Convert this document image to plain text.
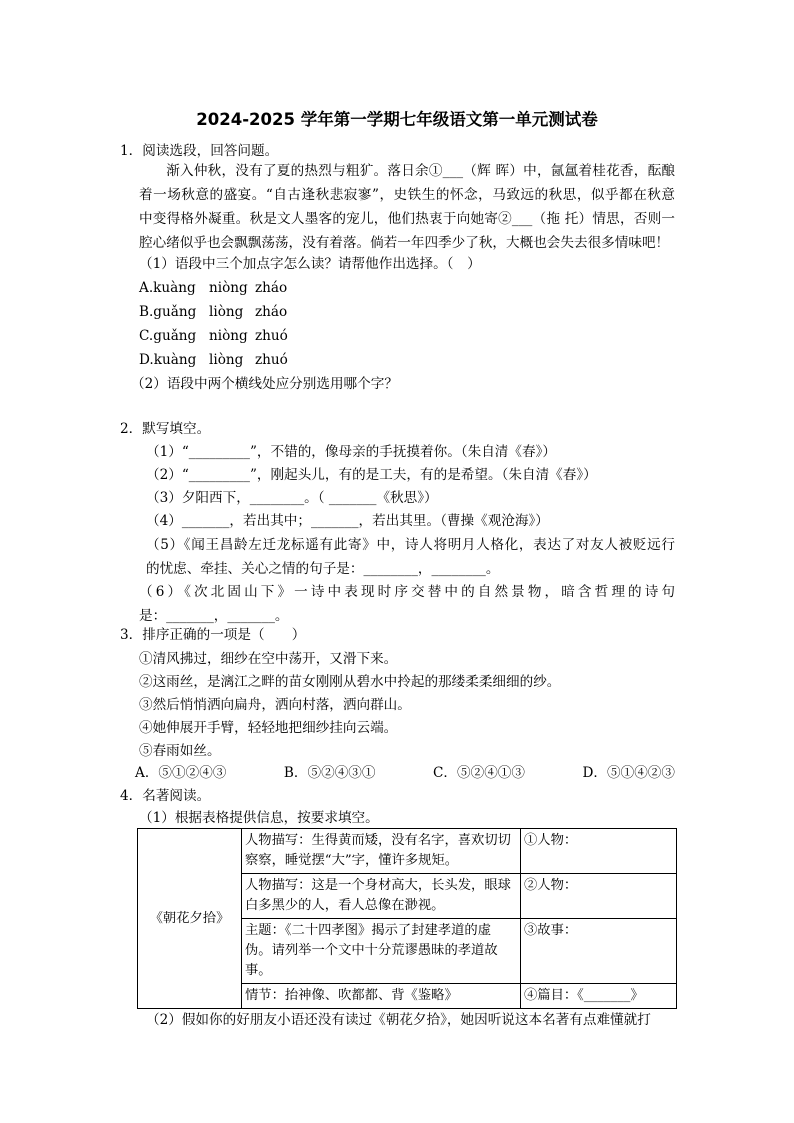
2024-2025 学年第一学期七年级语文第一单元测试卷
1．阅读选段，回答问题。
渐入仲秋，没有了夏的热烈与粗犷。落日余①___（辉 晖）中，氤氲着桂花香，酝酿
着一场秋意的盛宴。“自古逢秋悲寂寥”，史铁生的怀念，马致远的秋思，似乎都在秋意
中变得格外凝重。秋是文人墨客的宠儿，他们热衷于向她寄②___（拖 托）情思，否则一
腔心绪似乎也会飘飘荡荡，没有着落。倘若一年四季少了秋，大概也会失去很多情味吧！
（1）语段中三个加点字怎么读？请帮他作出选择。（　）
A.kuàng niòng zháo
B.guǎng liòng zháo
C.guǎng niòng zhuó
D.kuàng liòng zhuó
（2）语段中两个横线处应分别选用哪个字？
2．默写填空。
（1）“_________”，不错的，像母亲的手抚摸着你。（朱自清《春》）
（2）“_________”，刚起头儿，有的是工夫，有的是希望。（朱自清《春》）
（3）夕阳西下，________。（ _______《秋思》）
（4）_______，若出其中；_______，若出其里。（曹操《观沧海》）
（5）《闻王昌龄左迁龙标遥有此寄》中，诗人将明月人格化，表达了对友人被贬远行
的忧虑、牵挂、关心之情的句子是：________，________。
（6）《次北固山下》一诗中表现时序交替中的自然景物，暗含哲理的诗句
是：_______，_______。
3．排序正确的一项是（　　）
①清风拂过，细纱在空中荡开，又滑下来。
②这雨丝，是漓江之畔的苗女刚刚从碧水中拎起的那缕柔柔细细的纱。
③然后悄悄洒向扁舟，洒向村落，洒向群山。
④她伸展开手臂，轻轻地把细纱挂向云端。
⑤春雨如丝。
A．⑤①②④③	B．⑤②④③①	C．⑤②④①③	D．⑤①④②③
4．名著阅读。
（1）根据表格提供信息，按要求填空。
《朝花夕拾》	人物描写：生得黄而矮，没有名字，喜欢切切察察，睡觉摆“大”字，懂许多规矩。	①人物：
	人物描写：这是一个身材高大，长头发，眼球白多黑少的人，看人总像在渺视。	②人物：
	主题：《二十四孝图》揭示了封建孝道的虚伪。请列举一个文中十分荒谬愚昧的孝道故事。	③故事：
	情节：抬神像、吹都都、背《鉴略》	④篇目：《_______》
（2）假如你的好朋友小语还没有读过《朝花夕拾》，她因听说这本名著有点难懂就打
